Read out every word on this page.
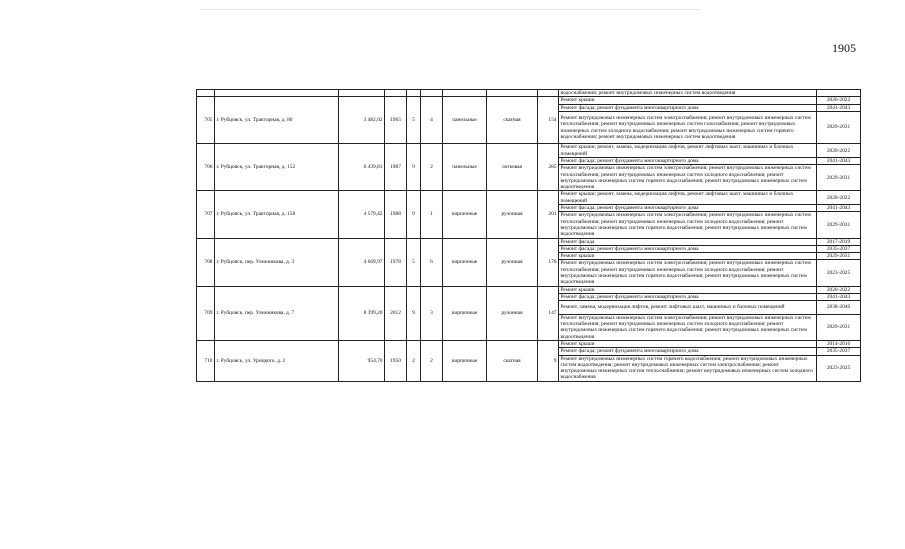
1905
									водоснабжения; ремонт внутридомовых инженерных систем водоотведения	
705	г. Рубцовск, ул. Тракторная, д. 80	3 482,02	1965	5	4	панельные	скатная	154	Ремонт крыши	2020-2022
									Ремонт фасада; ремонт фундамента многоквартирного дома	2041-2043
									Ремонт внутридомовых инженерных систем электроснабжения; ремонт внутридомовых инженерных систем теплоснабжения; ремонт внутридомовых инженерных систем газоснабжения; ремонт внутридомовых инженерных систем холодного водоснабжения; ремонт внутридомовых инженерных систем горячего водоснабжения; ремонт внутридомовых инженерных систем водоотведения	2029-2031
706	г. Рубцовск, ул. Тракторная, д. 152	6 439,81	1987	9	2	панельные	лотковая	285	Ремонт крыши; ремонт, замена, модернизация лифтов, ремонт лифтовых шахт, машинных и блочных помещений	2020-2022
									Ремонт фасада; ремонт фундамента многоквартирного дома	2041-2043
									Ремонт внутридомовых инженерных систем электроснабжения; ремонт внутридомовых инженерных систем теплоснабжения; ремонт внутридомовых инженерных систем холодного водоснабжения; ремонт внутридомовых инженерных систем горячего водоснабжения; ремонт внутридомовых инженерных систем водоотведения	2029-2031
707	г. Рубцовск, ул. Тракторная, д. 158	4 579,42	1988	9	1	кирпичные	рулонная	201	Ремонт крыши; ремонт, замена, модернизация лифтов, ремонт лифтовых шахт, машинных и блочных помещений	2020-2022
									Ремонт фасада; ремонт фундамента многоквартирного дома	2041-2043
									Ремонт внутридомовых инженерных систем электроснабжения; ремонт внутридомовых инженерных систем теплоснабжения; ремонт внутридомовых инженерных систем холодного водоснабжения; ремонт внутридомовых инженерных систем горячего водоснабжения; ремонт внутридомовых инженерных систем водоотведения	2029-2031
708	г. Рубцовск, пер. Улежникова, д. 3	4 669,97	1978	5	6	кирпичные	рулонная	176	Ремонт фасада	2017-2019
									Ремонт фасада; ремонт фундамента многоквартирного дома	2035-2037
									Ремонт крыши	2029-2031
									Ремонт внутридомовых инженерных систем электроснабжения; ремонт внутридомовых инженерных систем теплоснабжения; ремонт внутридомовых инженерных систем холодного водоснабжения; ремонт внутридомовых инженерных систем горячего водоснабжения; ремонт внутридомовых инженерных систем водоотведения	2023-2025
709	г. Рубцовск, пер. Улежникова, д. 7	8 399,20	2012	9	3	кирпичные	рулонная	147	Ремонт крыши	2020-2022
									Ремонт фасада; ремонт фундамента многоквартирного дома	2041-2043
									Ремонт, замена, модернизация лифтов, ремонт лифтовых шахт, машинных и блочных помещений	2038-2040
									Ремонт внутридомовых инженерных систем электроснабжения; ремонт внутридомовых инженерных систем теплоснабжения; ремонт внутридомовых инженерных систем холодного водоснабжения; ремонт внутридомовых инженерных систем горячего водоснабжения; ремонт внутридомовых инженерных систем водоотведения	2029-2031
710	г. Рубцовск, ул. Урицкого, д. 2	954,70	1950	2	2	кирпичные	скатная	9	Ремонт крыши	2014-2016
									Ремонт фасада; ремонт фундамента многоквартирного дома	2035-2037
									Ремонт внутридомовых инженерных систем горячего водоснабжения; ремонт внутридомовых инженерных систем водоотведения; ремонт внутридомовых инженерных систем электроснабжения; ремонт внутридомовых инженерных систем теплоснабжения; ремонт внутридомовых инженерных систем холодного водоснабжения	2023-2025
